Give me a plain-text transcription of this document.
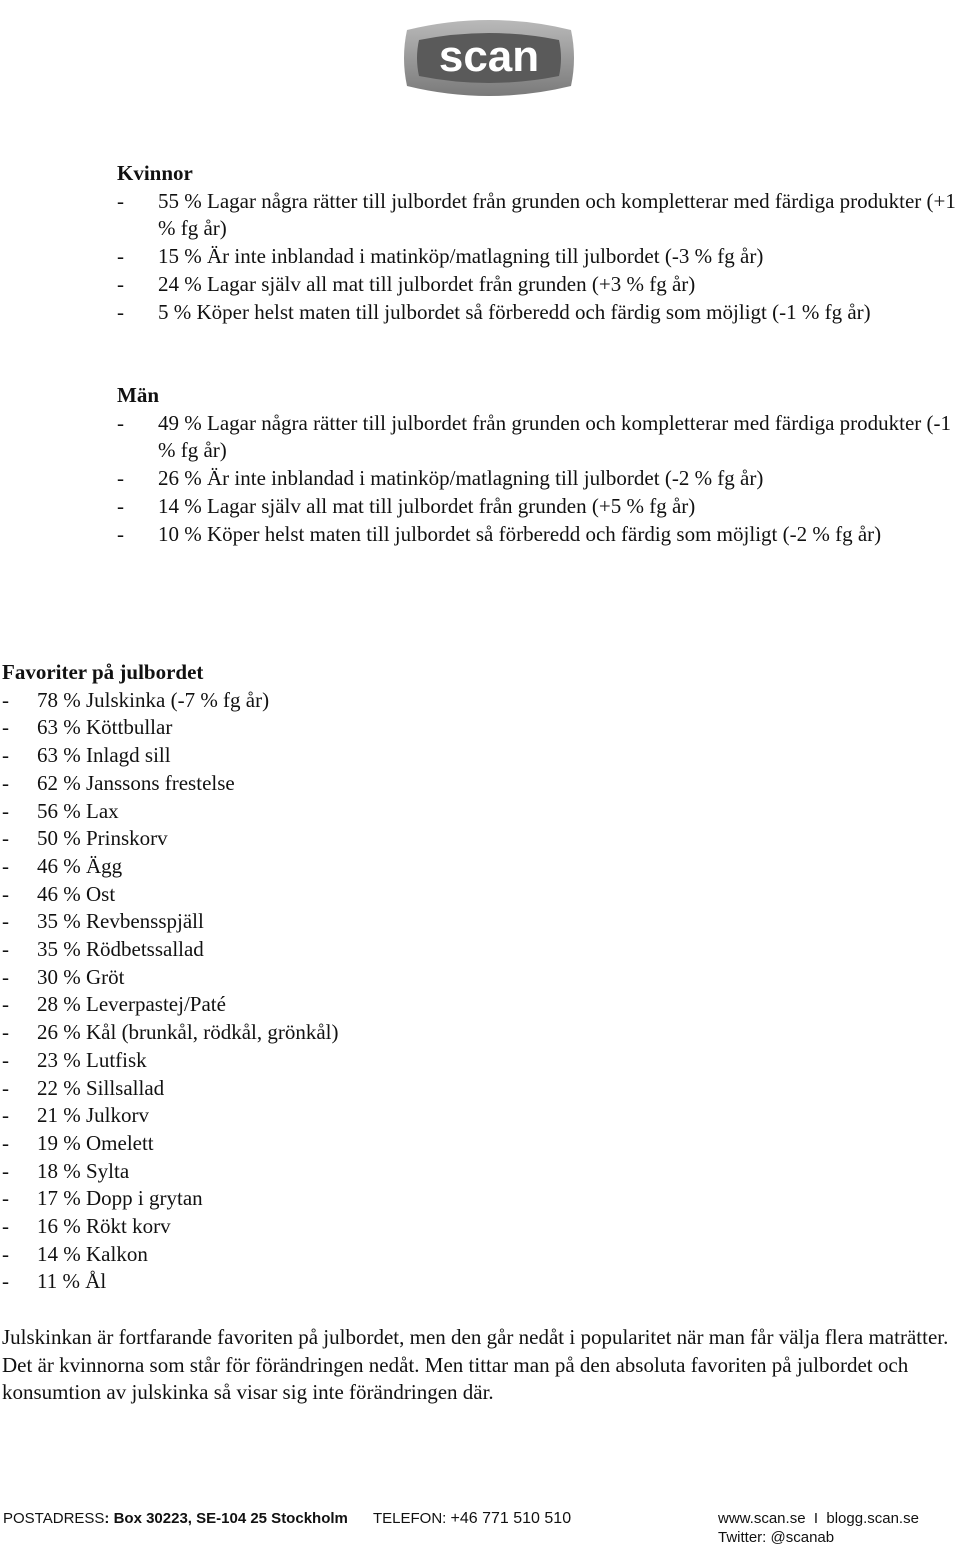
scan
Kvinnor
- 55 % Lagar några rätter till julbordet från grunden och kompletterar med färdiga produkter (+1 % fg år)
- 15 % Är inte inblandad i matinköp/matlagning till julbordet (-3 % fg år)
- 24 % Lagar själv all mat till julbordet från grunden (+3 % fg år)
- 5 % Köper helst maten till julbordet så förberedd och färdig som möjligt (-1 % fg år)
Män
- 49 % Lagar några rätter till julbordet från grunden och kompletterar med färdiga produkter (-1 % fg år)
- 26 % Är inte inblandad i matinköp/matlagning till julbordet (-2 % fg år)
- 14 % Lagar själv all mat till julbordet från grunden (+5 % fg år)
- 10 % Köper helst maten till julbordet så förberedd och färdig som möjligt (-2 % fg år)
Favoriter på julbordet
- 78 % Julskinka (-7 % fg år)
- 63 % Köttbullar
- 63 % Inlagd sill
- 62 % Janssons frestelse
- 56 % Lax
- 50 % Prinskorv
- 46 % Ägg
- 46 % Ost
- 35 % Revbensspjäll
- 35 % Rödbetssallad
- 30 % Gröt
- 28 % Leverpastej/Paté
- 26 % Kål (brunkål, rödkål, grönkål)
- 23 % Lutfisk
- 22 % Sillsallad
- 21 % Julkorv
- 19 % Omelett
- 18 % Sylta
- 17 % Dopp i grytan
- 16 % Rökt korv
- 14 % Kalkon
- 11 % Ål

Julskinkan är fortfarande favoriten på julbordet, men den går nedåt i popularitet när man får välja flera maträtter. Det är kvinnorna som står för förändringen nedåt. Men tittar man på den absoluta favoriten på julbordet och konsumtion av julskinka så visar sig inte förändringen där.

POSTADRESS: Box 30223, SE-104 25 Stockholm TELEFON: +46 771 510 510	www.scan.se  I  blogg.scan.se
Twitter: @scanab
